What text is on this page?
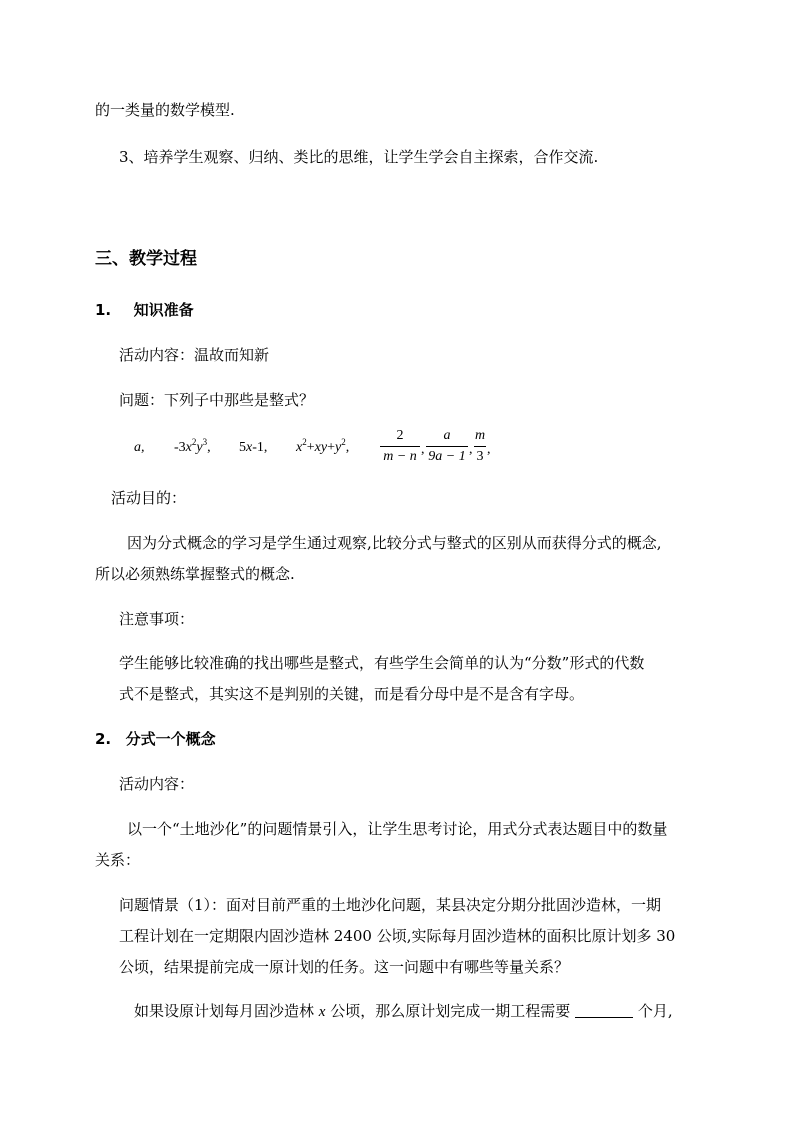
的一类量的数学模型.
3、培养学生观察、归纳、类比的思维，让学生学会自主探索，合作交流.
三、教学过程
1. 知识准备
活动内容：温故而知新
问题：下列子中那些是整式？
a, $-3x^2y^3$, 5x-1, $x^2+xy+y^2$,
2
m − n ,
a
9a − 1 ,
m
3 ,
活动目的：
因为分式概念的学习是学生通过观察,比较分式与整式的区别从而获得分式的概念,
所以必须熟练掌握整式的概念.
注意事项：
学生能够比较准确的找出哪些是整式，有些学生会简单的认为“分数”形式的代数
式不是整式，其实这不是判别的关键，而是看分母中是不是含有字母。
2. 分式一个概念
活动内容：
以一个“土地沙化”的问题情景引入，让学生思考讨论，用式分式表达题目中的数量
关系：
问题情景（1）：面对目前严重的土地沙化问题，某县决定分期分批固沙造林，一期
工程计划在一定期限内固沙造林 2400 公顷,实际每月固沙造林的面积比原计划多 30
公顷，结果提前完成一原计划的任务。这一问题中有哪些等量关系？
如果设原计划每月固沙造林 x 公顷，那么原计划完成一期工程需要	个月,
